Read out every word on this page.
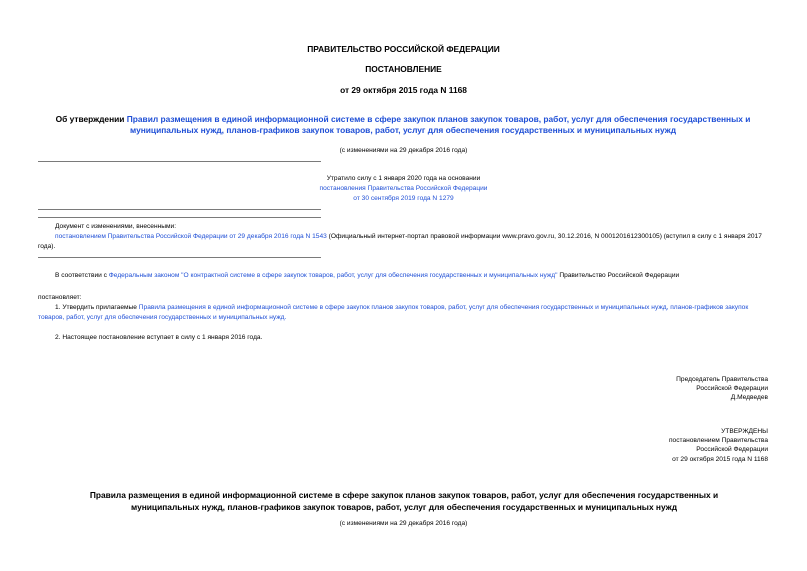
ПРАВИТЕЛЬСТВО РОССИЙСКОЙ ФЕДЕРАЦИИ
ПОСТАНОВЛЕНИЕ
от 29 октября 2015 года N 1168
Об утверждении Правил размещения в единой информационной системе в сфере закупок планов закупок товаров, работ, услуг для обеспечения государственных и муниципальных нужд, планов-графиков закупок товаров, работ, услуг для обеспечения государственных и муниципальных нужд
(с изменениями на 29 декабря 2016 года)
Утратило силу с 1 января 2020 года на основании
постановления Правительства Российской Федерации
от 30 сентября 2019 года N 1279
Документ с изменениями, внесенными:
постановлением Правительства Российской Федерации от 29 декабря 2016 года N 1543 (Официальный интернет-портал правовой информации www.pravo.gov.ru, 30.12.2016, N 0001201612300105) (вступил в силу с 1 января 2017 года).
В соответствии с Федеральным законом "О контрактной системе в сфере закупок товаров, работ, услуг для обеспечения государственных и муниципальных нужд" Правительство Российской Федерации
постановляет:
1. Утвердить прилагаемые Правила размещения в единой информационной системе в сфере закупок планов закупок товаров, работ, услуг для обеспечения государственных и муниципальных нужд, планов-графиков закупок товаров, работ, услуг для обеспечения государственных и муниципальных нужд.
2. Настоящее постановление вступает в силу с 1 января 2016 года.
Председатель Правительства
Российской Федерации
Д.Медведев
УТВЕРЖДЕНЫ
постановлением Правительства
Российской Федерации
от 29 октября 2015 года N 1168
Правила размещения в единой информационной системе в сфере закупок планов закупок товаров, работ, услуг для обеспечения государственных и муниципальных нужд, планов-графиков закупок товаров, работ, услуг для обеспечения государственных и муниципальных нужд
(с изменениями на 29 декабря 2016 года)
